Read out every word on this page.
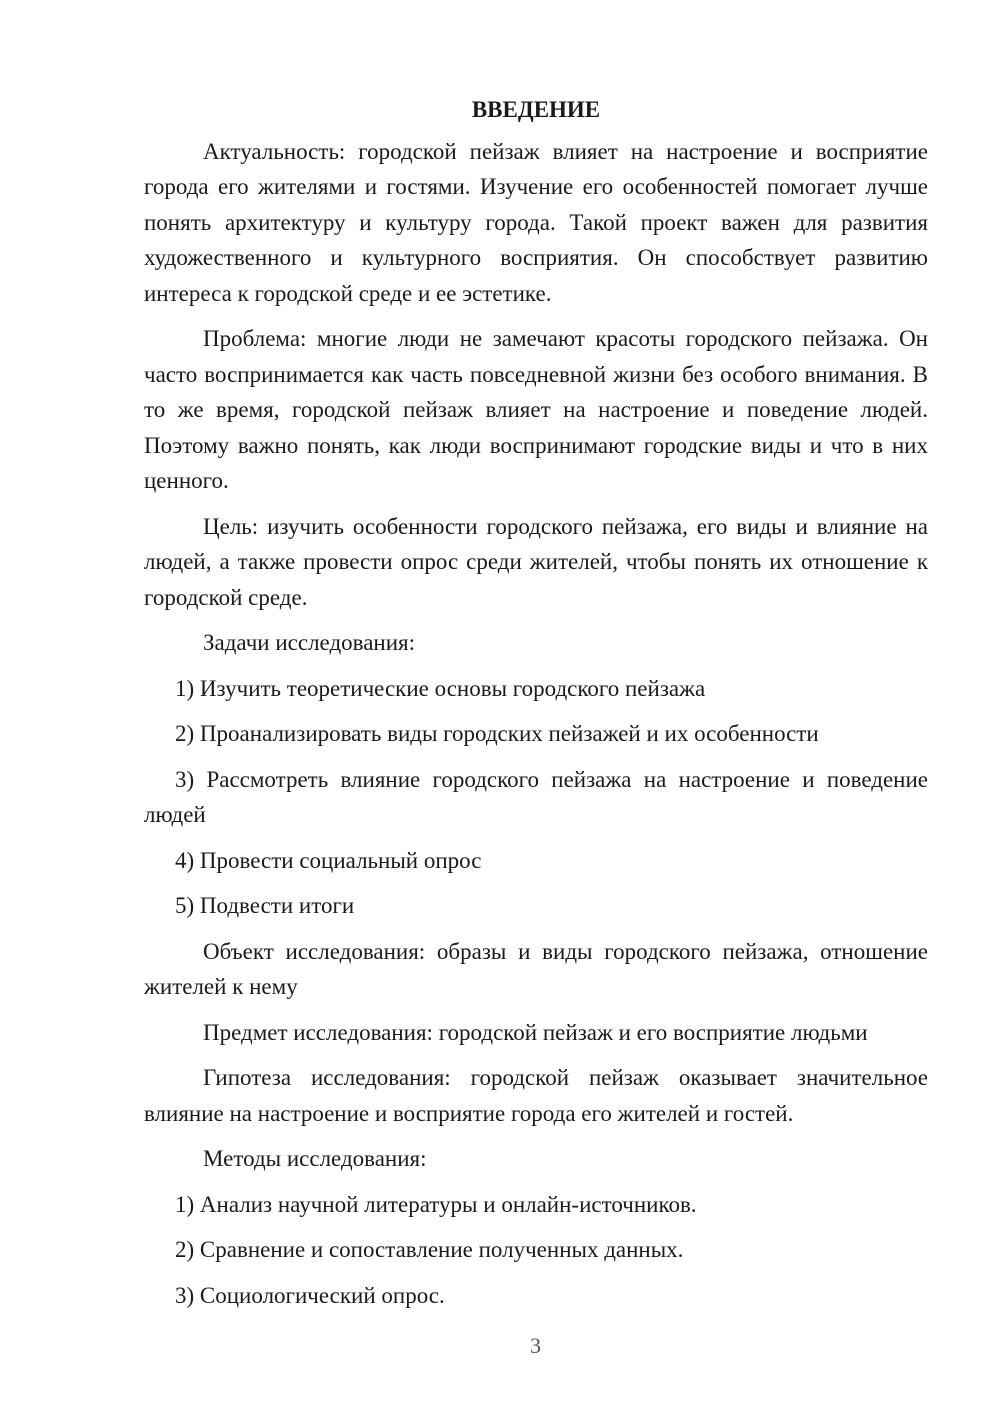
ВВЕДЕНИЕ

Актуальность: городской пейзаж влияет на настроение и восприятие города его жителями и гостями. Изучение его особенностей помогает лучше понять архитектуру и культуру города. Такой проект важен для развития художественного и культурного восприятия. Он способствует развитию интереса к городской среде и ее эстетике.

Проблема: многие люди не замечают красоты городского пейзажа. Он часто воспринимается как часть повседневной жизни без особого внимания. В то же время, городской пейзаж влияет на настроение и поведение людей. Поэтому важно понять, как люди воспринимают городские виды и что в них ценного.

Цель: изучить особенности городского пейзажа, его виды и влияние на людей, а также провести опрос среди жителей, чтобы понять их отношение к городской среде.

Задачи исследования:

1) Изучить теоретические основы городского пейзажа

2) Проанализировать виды городских пейзажей и их особенности

3) Рассмотреть влияние городского пейзажа на настроение и поведение людей

4) Провести социальный опрос

5) Подвести итоги

Объект исследования: образы и виды городского пейзажа, отношение жителей к нему

Предмет исследования: городской пейзаж и его восприятие людьми

Гипотеза исследования: городской пейзаж оказывает значительное влияние на настроение и восприятие города его жителей и гостей.

Методы исследования:

1) Анализ научной литературы и онлайн-источников.

2) Сравнение и сопоставление полученных данных.

3) Социологический опрос.

3
